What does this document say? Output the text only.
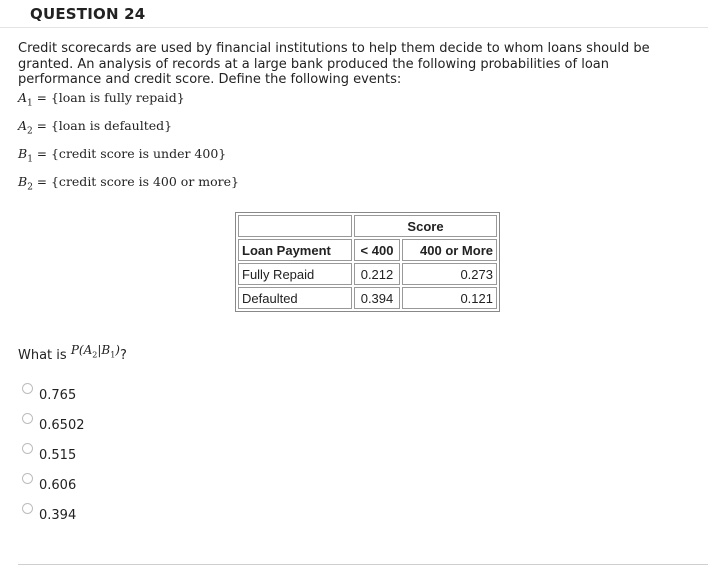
QUESTION 24
Credit scorecards are used by financial institutions to help them decide to whom loans should be granted. An analysis of records at a large bank produced the following probabilities of loan performance and credit score. Define the following events:
$A_1$ = {loan is fully repaid}
$A_2$ = {loan is defaulted}
$B_1$ = {credit score is under 400}
$B_2$ = {credit score is 400 or more}
	Score	
Loan Payment	< 400	400 or More
Fully Repaid	0.212	0.273
Defaulted	0.394	0.121
What is $P(A_2|B_1)$?
0.765
0.6502
0.515
0.606
0.394
